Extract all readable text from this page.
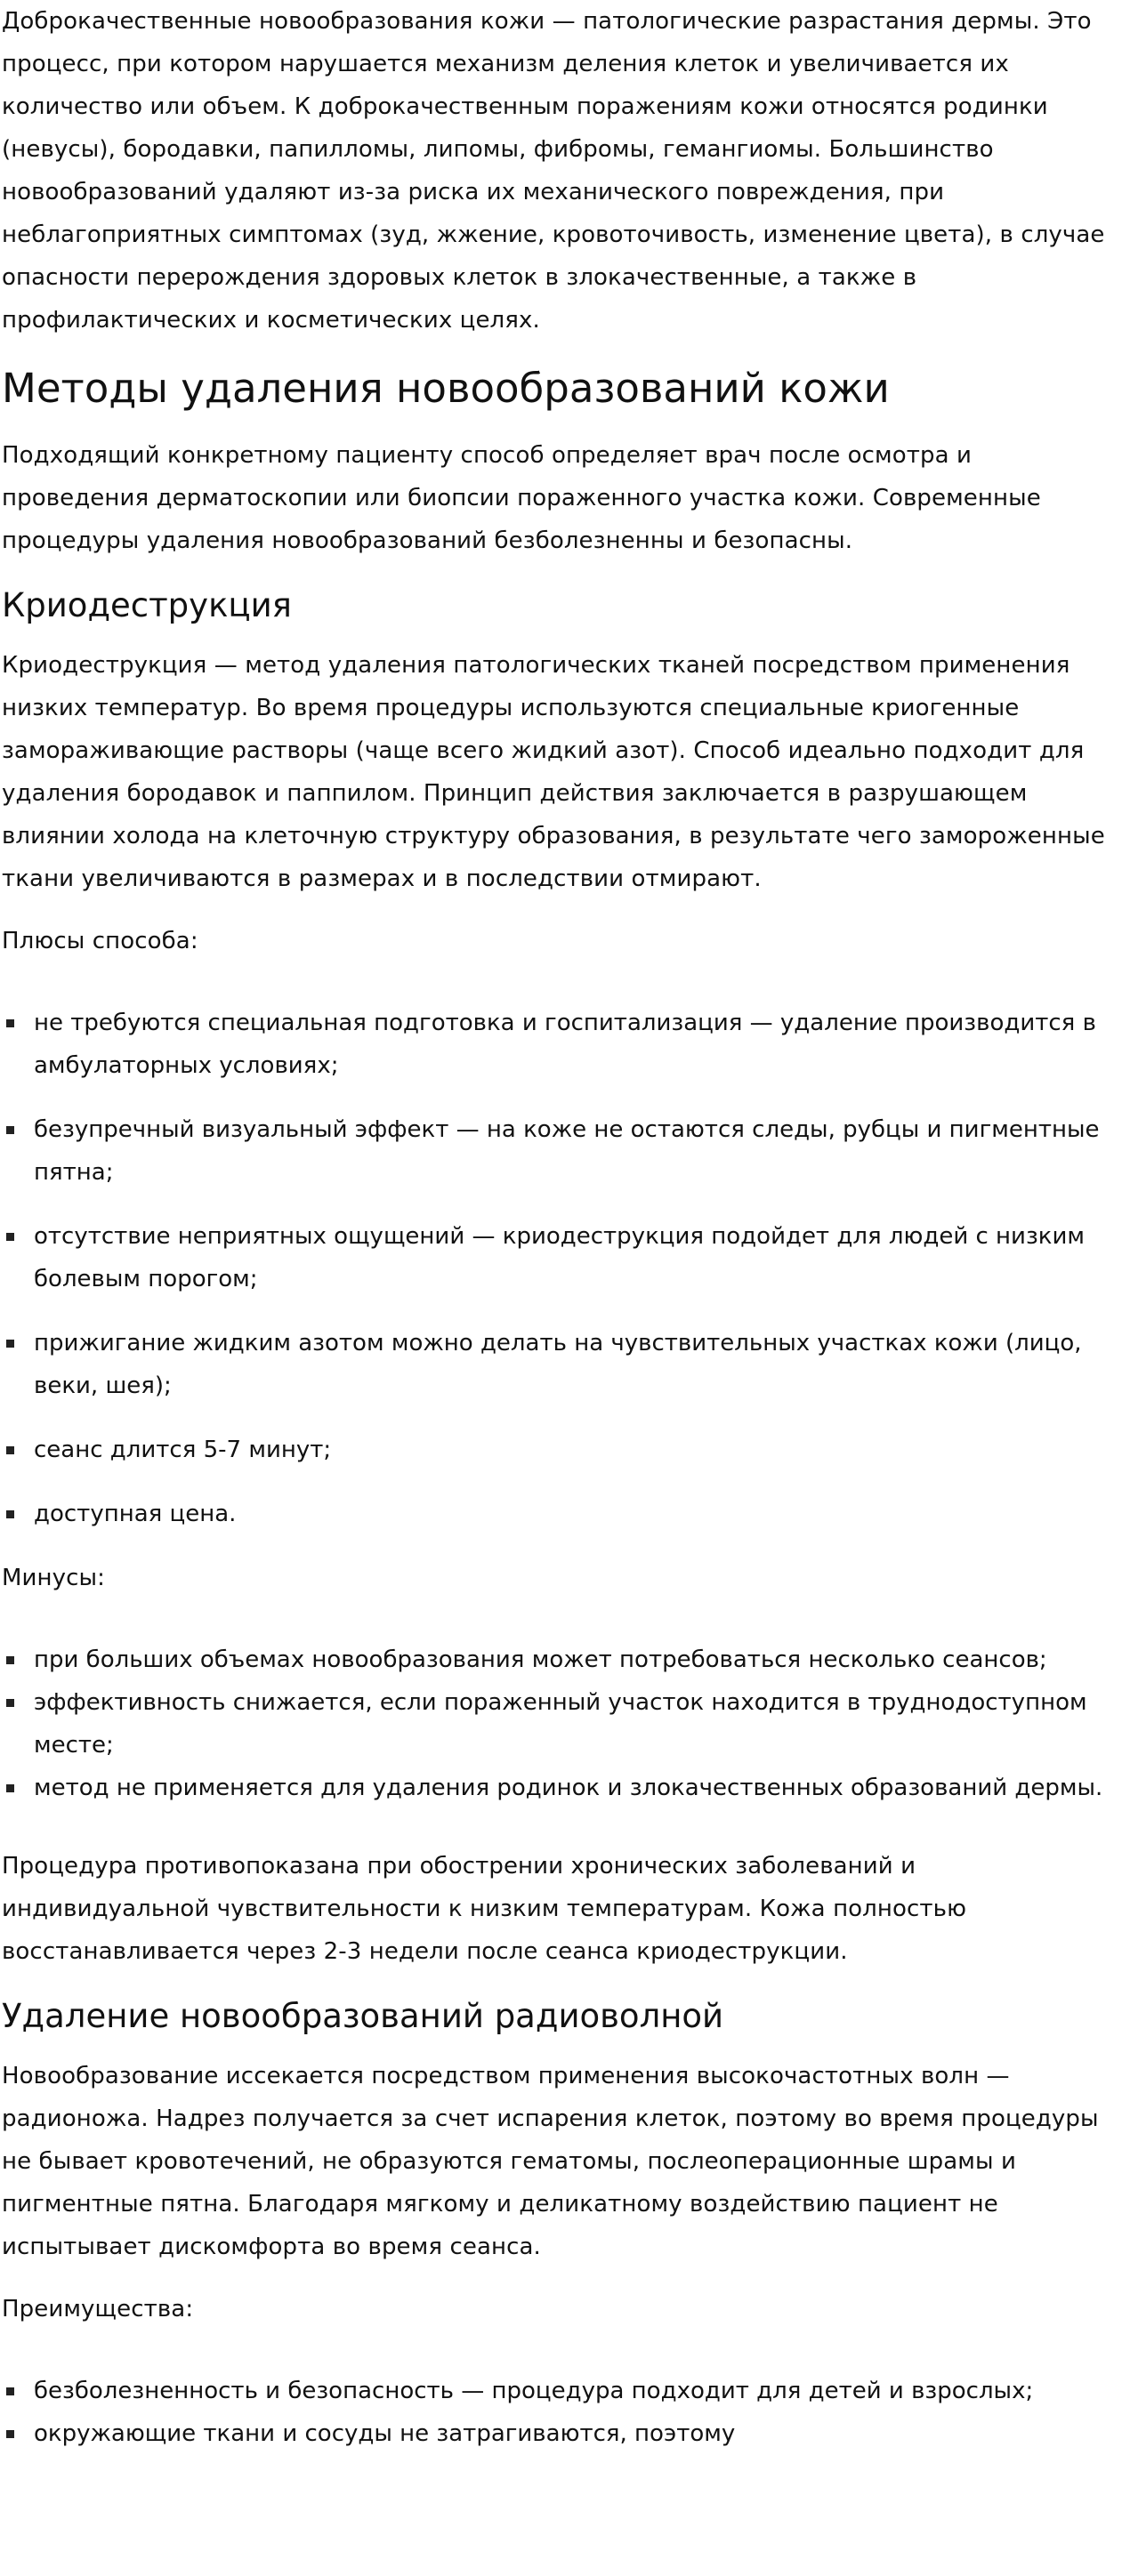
Доброкачественные новообразования кожи — патологические разрастания дермы. Это процесс, при котором нарушается механизм деления клеток и увеличивается их количество или объем. К доброкачественным поражениям кожи относятся родинки (невусы), бородавки, папилломы, липомы, фибромы, гемангиомы. Большинство новообразований удаляют из-за риска их механического повреждения, при неблагоприятных симптомах (зуд, жжение, кровоточивость, изменение цвета), в случае опасности перерождения здоровых клеток в злокачественные, а также в профилактических и косметических целях.

Методы удаления новообразований кожи

Подходящий конкретному пациенту способ определяет врач после осмотра и проведения дерматоскопии или биопсии пораженного участка кожи. Современные процедуры удаления новообразований безболезненны и безопасны.

Криодеструкция

Криодеструкция — метод удаления патологических тканей посредством применения низких температур. Во время процедуры используются специальные криогенные замораживающие растворы (чаще всего жидкий азот). Способ идеально подходит для удаления бородавок и паппилом. Принцип действия заключается в разрушающем влиянии холода на клеточную структуру образования, в результате чего замороженные ткани увеличиваются в размерах и в последствии отмирают.

Плюсы способа:

не требуются специальная подготовка и госпитализация — удаление производится в амбулаторных условиях;
безупречный визуальный эффект — на коже не остаются следы, рубцы и пигментные пятна;
отсутствие неприятных ощущений — криодеструкция подойдет для людей с низким болевым порогом;
прижигание жидким азотом можно делать на чувствительных участках кожи (лицо, веки, шея);
сеанс длится 5-7 минут;
доступная цена.

Минусы:

при больших объемах новообразования может потребоваться несколько сеансов;
эффективность снижается, если пораженный участок находится в труднодоступном месте;
метод не применяется для удаления родинок и злокачественных образований дермы.

Процедура противопоказана при обострении хронических заболеваний и индивидуальной чувствительности к низким температурам. Кожа полностью восстанавливается через 2-3 недели после сеанса криодеструкции.

Удаление новообразований радиоволной

Новообразование иссекается посредством применения высокочастотных волн — радионожа. Надрез получается за счет испарения клеток, поэтому во время процедуры не бывает кровотечений, не образуются гематомы, послеоперационные шрамы и пигментные пятна. Благодаря мягкому и деликатному воздействию пациент не испытывает дискомфорта во время сеанса.

Преимущества:

безболезненность и безопасность — процедура подходит для детей и взрослых;
окружающие ткани и сосуды не затрагиваются, поэтому
